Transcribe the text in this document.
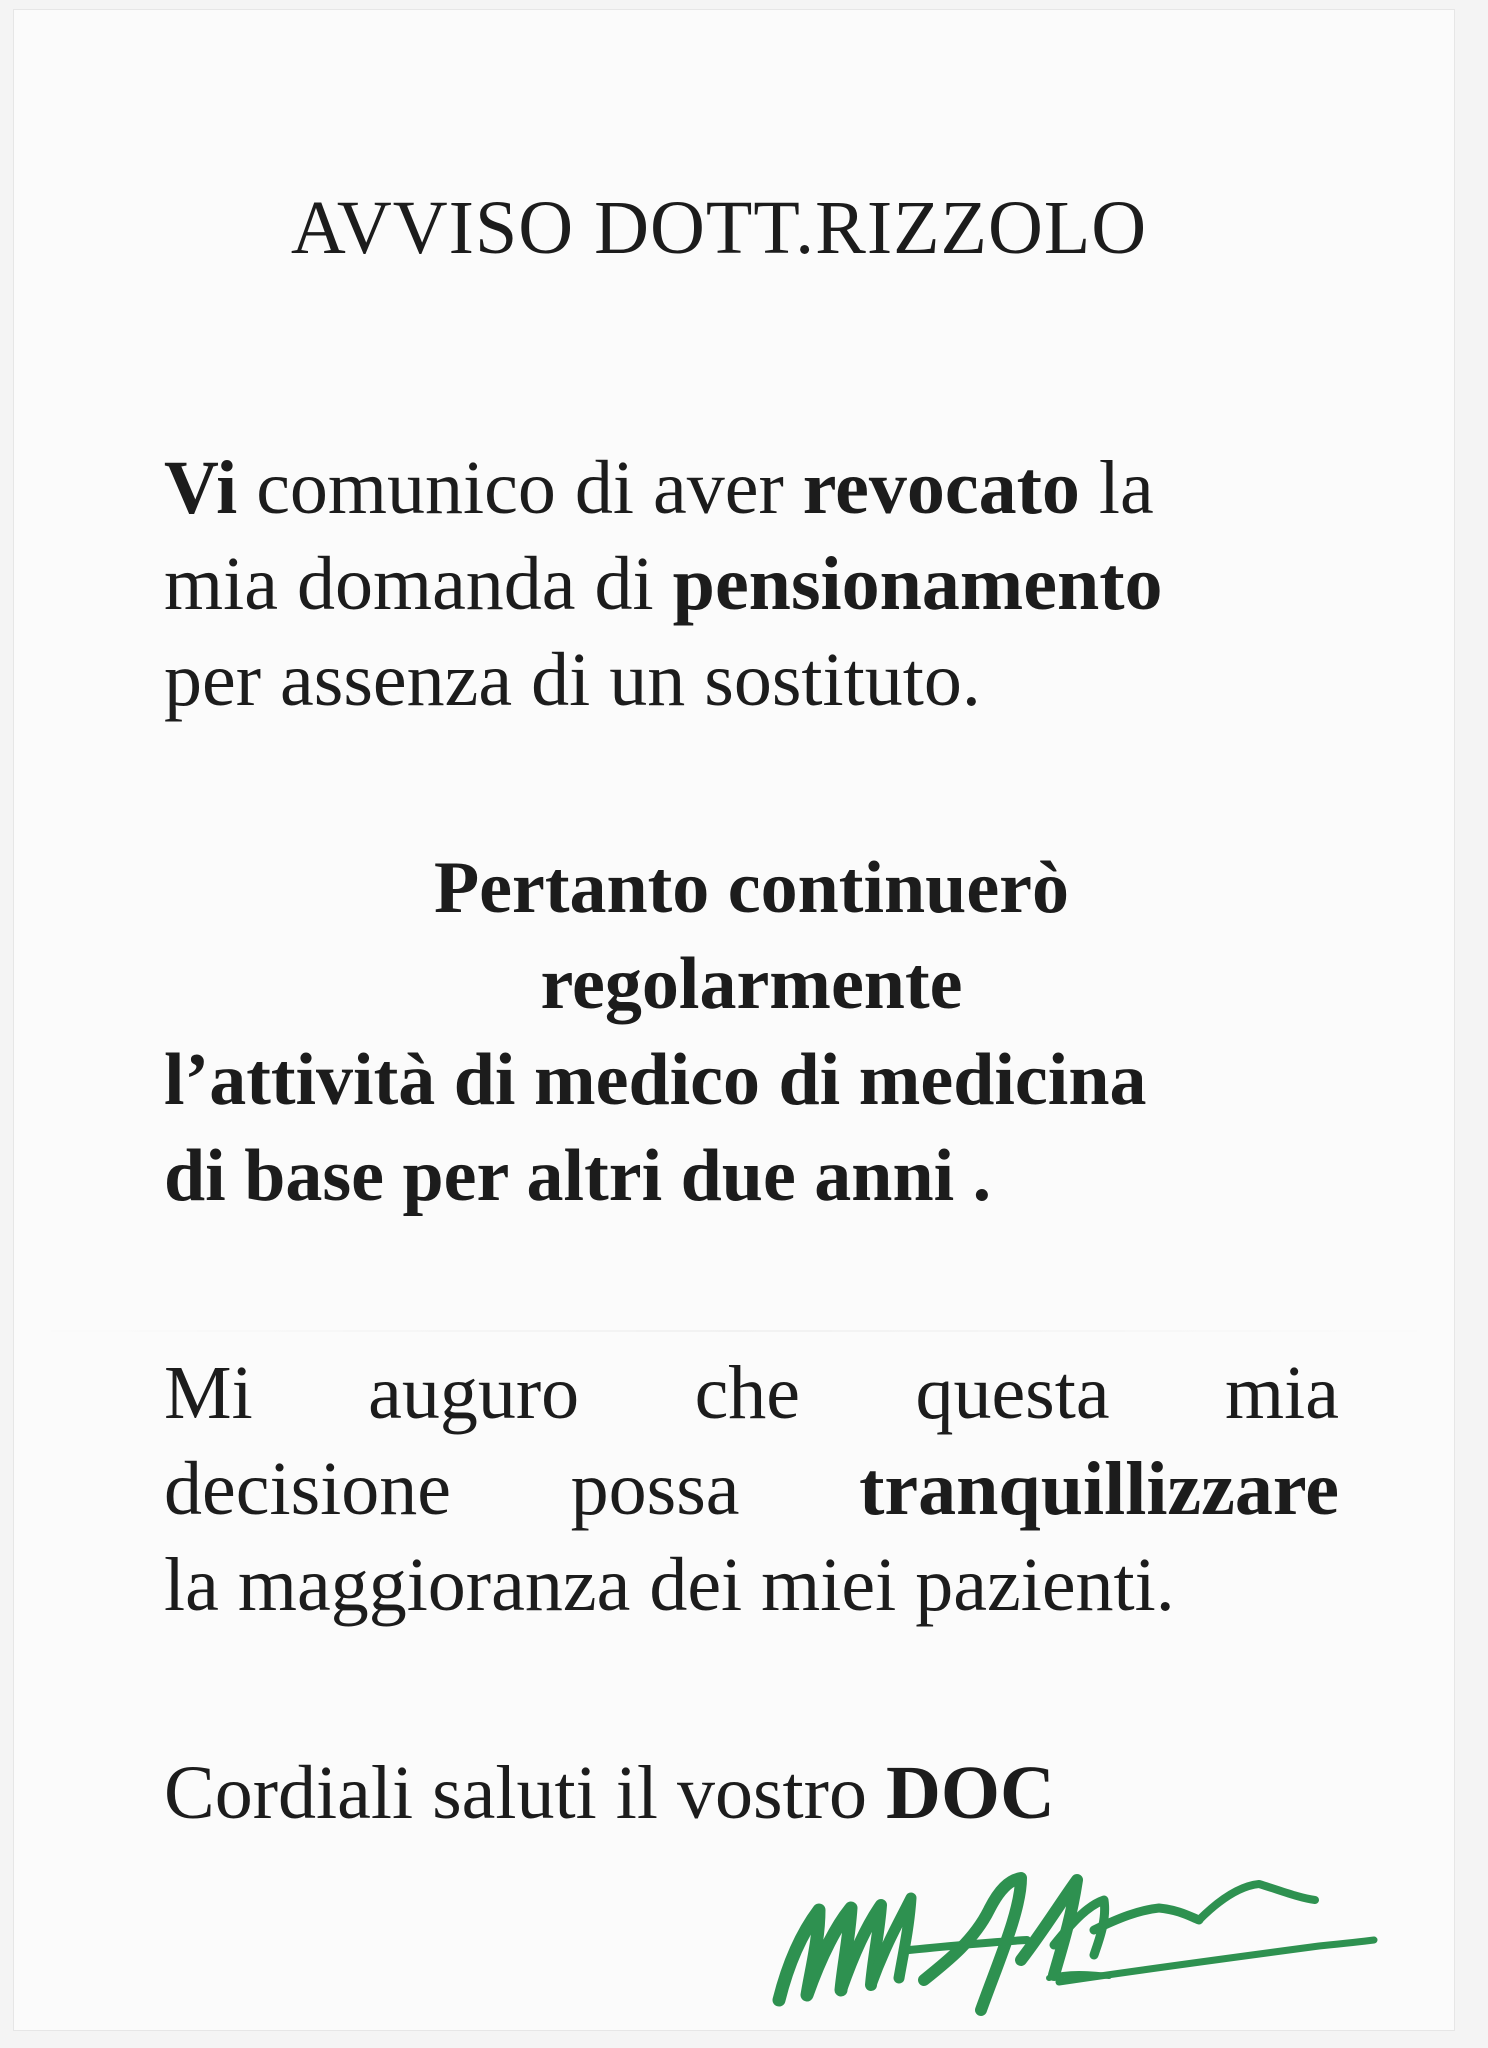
AVVISO DOTT.RIZZOLO

Vi comunico di aver revocato la
mia domanda di pensionamento
per assenza di un sostituto.

Pertanto continuerò
regolarmente
l’attività di medico di medicina
di base per altri due anni .

Mi auguro che questa mia
decisione possa tranquillizzare
la maggioranza dei miei pazienti.

Cordiali saluti il vostro DOC
